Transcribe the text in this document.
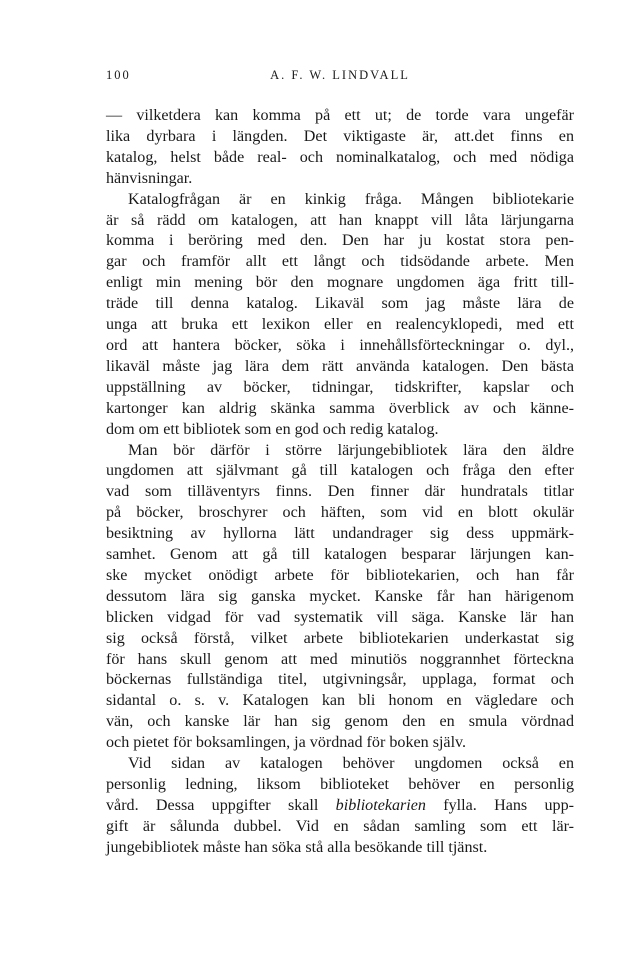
100	A. F. W. LINDVALL
— vilketdera kan komma på ett ut; de torde vara ungefär
lika dyrbara i längden. Det viktigaste är, att.det finns en
katalog, helst både real- och nominalkatalog, och med nödiga
hänvisningar.
Katalogfrågan är en kinkig fråga. Mången bibliotekarie
är så rädd om katalogen, att han knappt vill låta lärjungarna
komma i beröring med den. Den har ju kostat stora pen-
gar och framför allt ett långt och tidsödande arbete. Men
enligt min mening bör den mognare ungdomen äga fritt till-
träde till denna katalog. Likaväl som jag måste lära de
unga att bruka ett lexikon eller en realencyklopedi, med ett
ord att hantera böcker, söka i innehållsförteckningar o. dyl.,
likaväl måste jag lära dem rätt använda katalogen. Den bästa
uppställning av böcker, tidningar, tidskrifter, kapslar och
kartonger kan aldrig skänka samma överblick av och känne-
dom om ett bibliotek som en god och redig katalog.
Man bör därför i större lärjungebibliotek lära den äldre
ungdomen att självmant gå till katalogen och fråga den efter
vad som tilläventyrs finns. Den finner där hundratals titlar
på böcker, broschyrer och häften, som vid en blott okulär
besiktning av hyllorna lätt undandrager sig dess uppmärk-
samhet. Genom att gå till katalogen besparar lärjungen kan-
ske mycket onödigt arbete för bibliotekarien, och han får
dessutom lära sig ganska mycket. Kanske får han härigenom
blicken vidgad för vad systematik vill säga. Kanske lär han
sig också förstå, vilket arbete bibliotekarien underkastat sig
för hans skull genom att med minutiös noggrannhet förteckna
böckernas fullständiga titel, utgivningsår, upplaga, format och
sidantal o. s. v. Katalogen kan bli honom en vägledare och
vän, och kanske lär han sig genom den en smula vördnad
och pietet för boksamlingen, ja vördnad för boken själv.
Vid sidan av katalogen behöver ungdomen också en
personlig ledning, liksom biblioteket behöver en personlig
vård. Dessa uppgifter skall bibliotekarien fylla. Hans upp-
gift är sålunda dubbel. Vid en sådan samling som ett lär-
jungebibliotek måste han söka stå alla besökande till tjänst.
